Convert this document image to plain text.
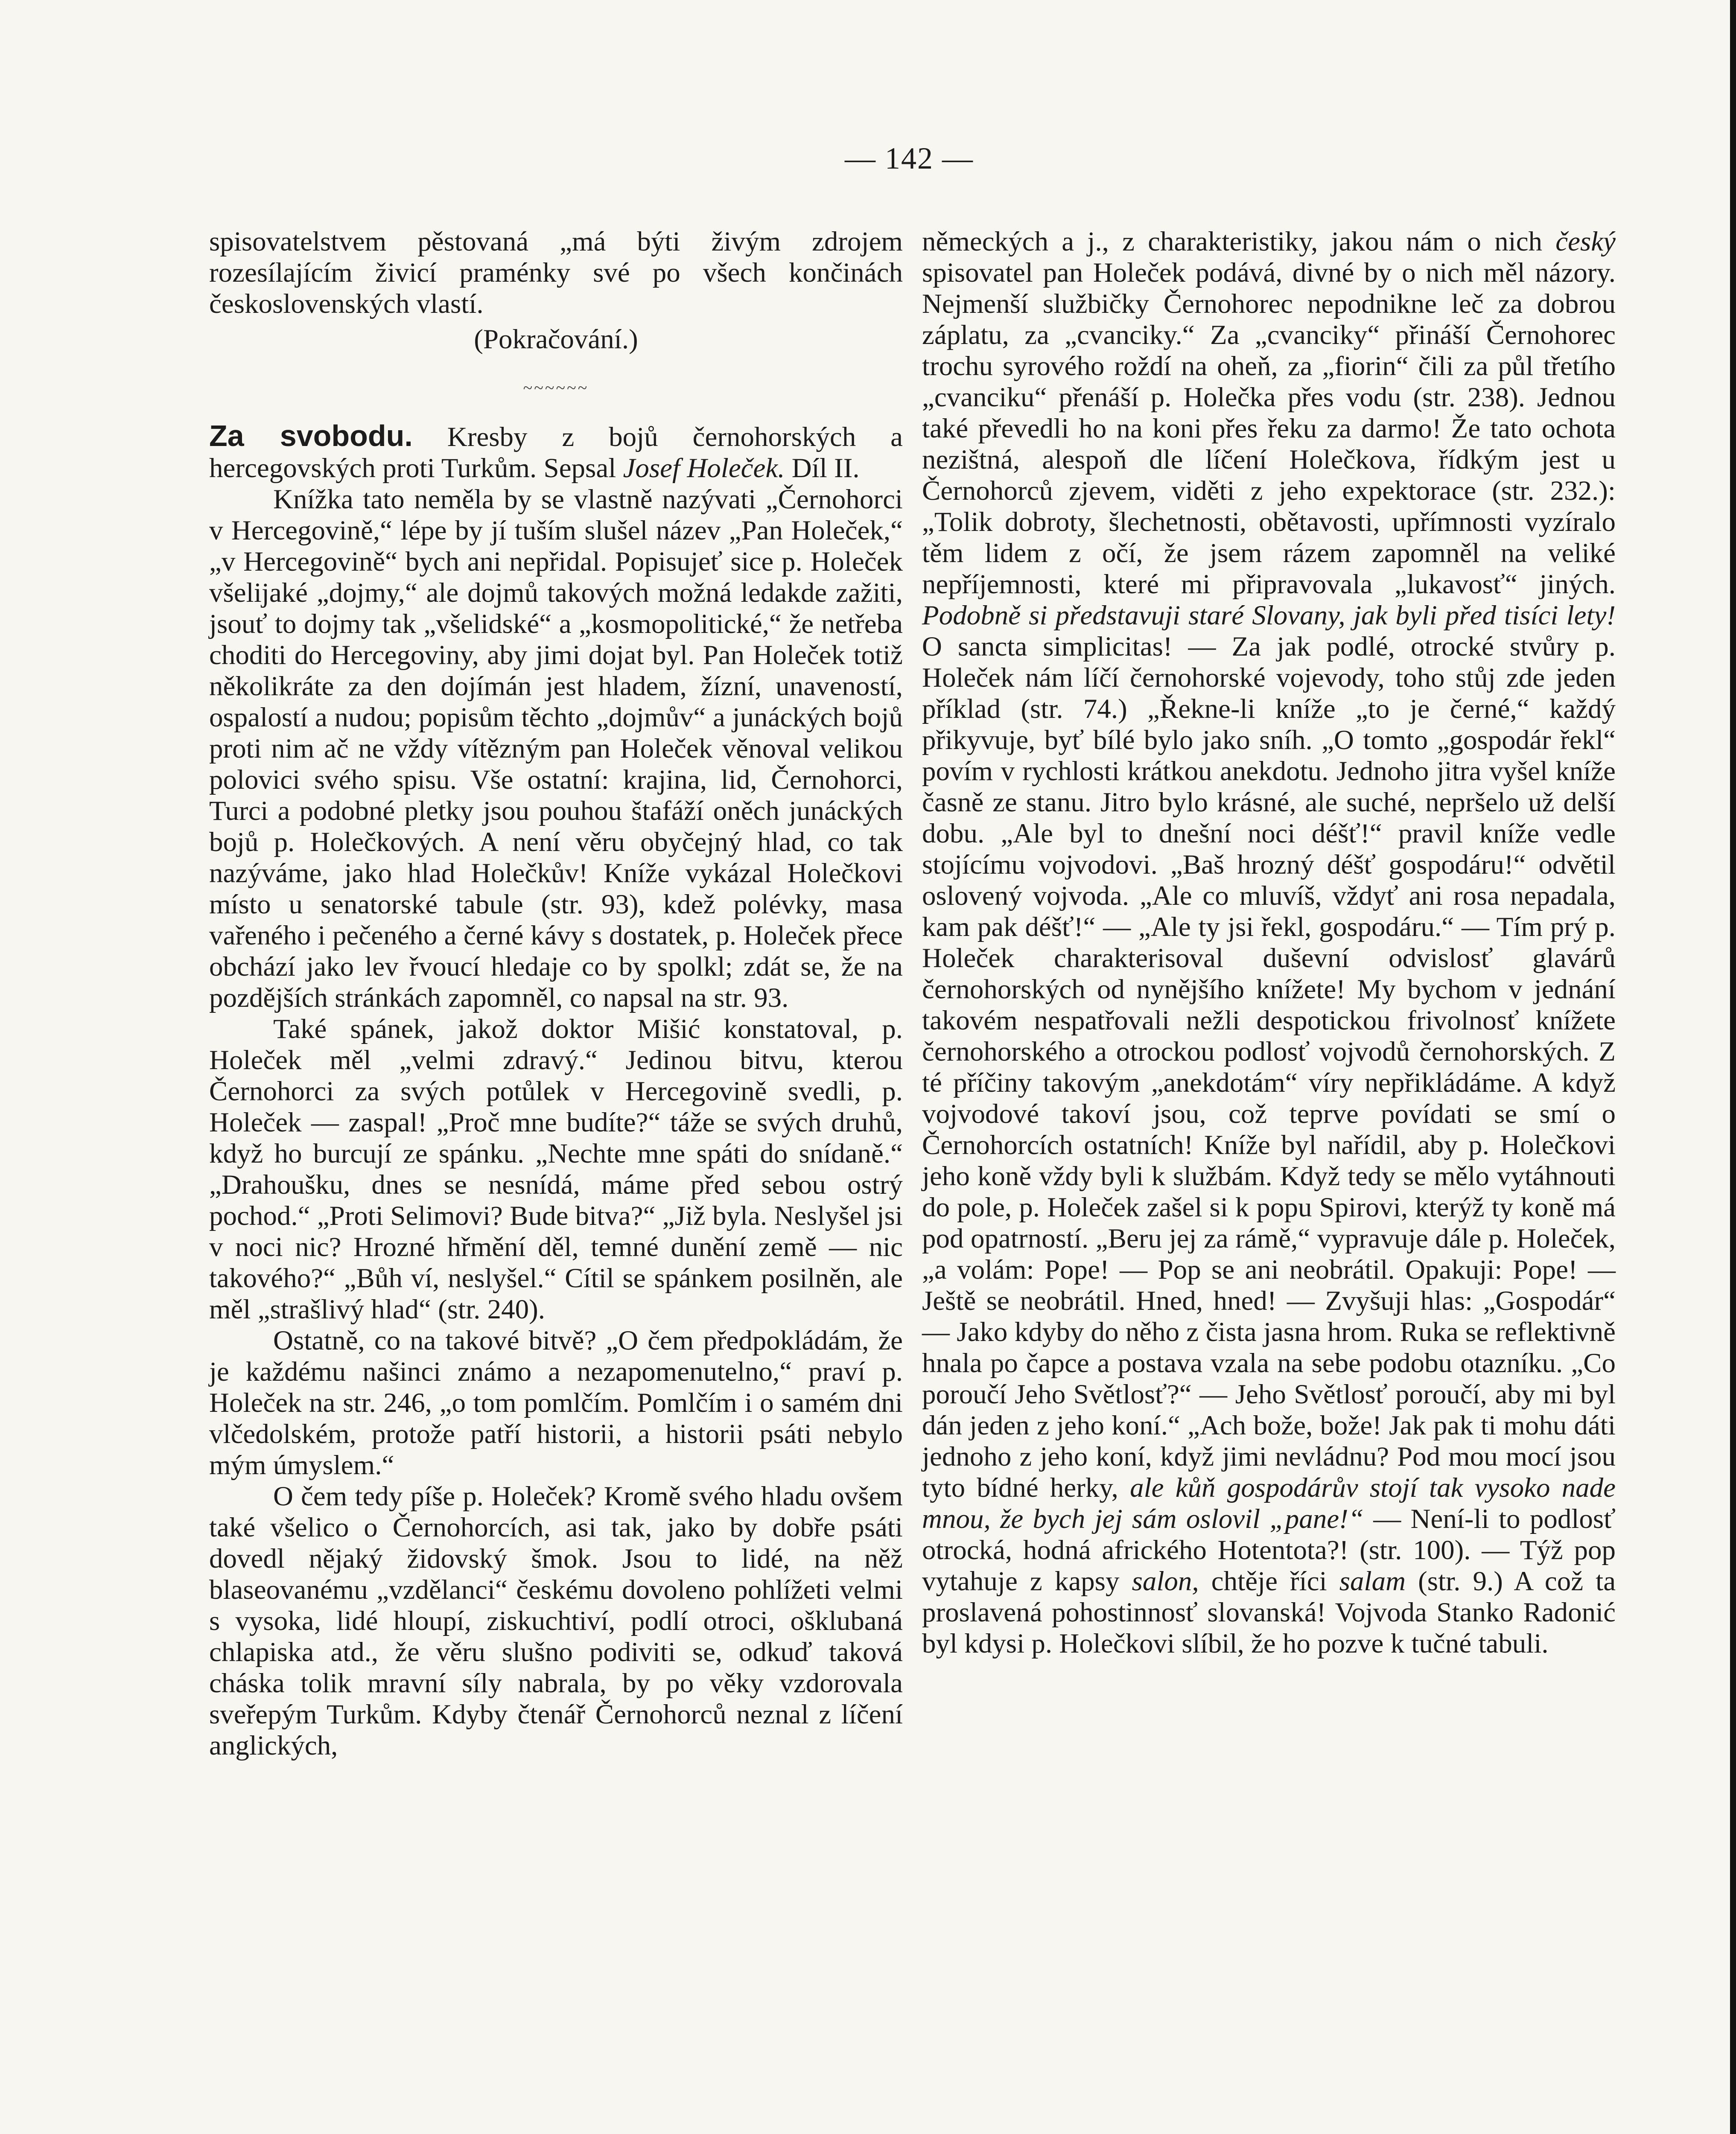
— 142 —

spisovatelstvem pěstovaná „má býti živým zdrojem rozesílajícím živicí praménky své po všech končinách československých vlastí.

(Pokračování.)

~~~~~~

Za svobodu. Kresby z bojů černohorských a hercegovských proti Turkům. Sepsal Josef Holeček. Díl II.

Knížka tato neměla by se vlastně nazývati „Černohorci v Hercegovině,“ lépe by jí tuším slušel název „Pan Holeček,“ „v Hercegovině“ bych ani nepřidal. Popisujeť sice p. Holeček všelijaké „dojmy,“ ale dojmů takových možná ledakde zažiti, jsouť to dojmy tak „všelidské“ a „kosmopolitické,“ že netřeba choditi do Hercegoviny, aby jimi dojat byl. Pan Holeček totiž několikráte za den dojímán jest hladem, žízní, unaveností, ospalostí a nudou; popisům těchto „dojmův“ a junáckých bojů proti nim ač ne vždy vítězným pan Holeček věnoval velikou polovici svého spisu. Vše ostatní: krajina, lid, Černohorci, Turci a podobné pletky jsou pouhou štafáží oněch junáckých bojů p. Holečkových. A není věru obyčejný hlad, co tak nazýváme, jako hlad Holečkův! Kníže vykázal Holečkovi místo u senatorské tabule (str. 93), kdež polévky, masa vařeného i pečeného a černé kávy s dostatek, p. Holeček přece obchází jako lev řvoucí hledaje co by spolkl; zdát se, že na pozdějších stránkách zapomněl, co napsal na str. 93.

Také spánek, jakož doktor Mišić konstatoval, p. Holeček měl „velmi zdravý.“ Jedinou bitvu, kterou Černohorci za svých potůlek v Hercegovině svedli, p. Holeček — zaspal! „Proč mne budíte?“ táže se svých druhů, když ho burcují ze spánku. „Nechte mne spáti do snídaně.“ „Drahoušku, dnes se nesnídá, máme před sebou ostrý pochod.“ „Proti Selimovi? Bude bitva?“ „Již byla. Neslyšel jsi v noci nic? Hrozné hřmění děl, temné dunění země — nic takového?“ „Bůh ví, neslyšel.“ Cítil se spánkem posilněn, ale měl „strašlivý hlad“ (str. 240).

Ostatně, co na takové bitvě? „O čem předpokládám, že je každému našinci známo a nezapomenutelno,“ praví p. Holeček na str. 246, „o tom pomlčím. Pomlčím i o samém dni vlčedolském, protože patří historii, a historii psáti nebylo mým úmyslem.“

O čem tedy píše p. Holeček? Kromě svého hladu ovšem také všelico o Černohorcích, asi tak, jako by dobře psáti dovedl nějaký židovský šmok. Jsou to lidé, na něž blaseovanému „vzdělanci“ českému dovoleno pohlížeti velmi s vysoka, lidé hloupí, ziskuchtiví, podlí otroci, ošklubaná chlapiska atd., že věru slušno podiviti se, odkuď taková cháska tolik mravní síly nabrala, by po věky vzdorovala sveřepým Turkům. Kdyby čtenář Černohorců neznal z líčení anglických,

německých a j., z charakteristiky, jakou nám o nich český spisovatel pan Holeček podává, divné by o nich měl názory. Nejmenší službičky Černohorec nepodnikne leč za dobrou záplatu, za „cvanciky.“ Za „cvanciky“ přináší Černohorec trochu syrového roždí na oheň, za „fiorin“ čili za půl třetího „cvanciku“ přenáší p. Holečka přes vodu (str. 238). Jednou také převedli ho na koni přes řeku za darmo! Že tato ochota nezištná, alespoň dle líčení Holečkova, řídkým jest u Černohorců zjevem, viděti z jeho expektorace (str. 232.): „Tolik dobroty, šlechetnosti, obětavosti, upřímnosti vyzíralo těm lidem z očí, že jsem rázem zapomněl na veliké nepříjemnosti, které mi připravovala „lukavosť“ jiných. Podobně si představuji staré Slovany, jak byli před tisíci lety! O sancta simplicitas! — Za jak podlé, otrocké stvůry p. Holeček nám líčí černohorské vojevody, toho stůj zde jeden příklad (str. 74.) „Řekne-li kníže „to je černé,“ každý přikyvuje, byť bílé bylo jako sníh. „O tomto „gospodár řekl“ povím v rychlosti krátkou anekdotu. Jednoho jitra vyšel kníže časně ze stanu. Jitro bylo krásné, ale suché, nepršelo už delší dobu. „Ale byl to dnešní noci déšť!“ pravil kníže vedle stojícímu vojvodovi. „Baš hrozný déšť gospodáru!“ odvětil oslovený vojvoda. „Ale co mluvíš, vždyť ani rosa nepadala, kam pak déšť!“ — „Ale ty jsi řekl, gospodáru.“ — Tím prý p. Holeček charakterisoval duševní odvislosť glavárů černohorských od nynějšího knížete! My bychom v jednání takovém nespatřovali nežli despotickou frivolnosť knížete černohorského a otrockou podlosť vojvodů černohorských. Z té příčiny takovým „anekdotám“ víry nepřikládáme. A když vojvodové takoví jsou, což teprve povídati se smí o Černohorcích ostatních! Kníže byl nařídil, aby p. Holečkovi jeho koně vždy byli k službám. Když tedy se mělo vytáhnouti do pole, p. Holeček zašel si k popu Spirovi, kterýž ty koně má pod opatrností. „Beru jej za rámě,“ vypravuje dále p. Holeček, „a volám: Pope! — Pop se ani neobrátil. Opakuji: Pope! — Ještě se neobrátil. Hned, hned! — Zvyšuji hlas: „Gospodár“ — Jako kdyby do něho z čista jasna hrom. Ruka se reflektivně hnala po čapce a postava vzala na sebe podobu otazníku. „Co poroučí Jeho Světlosť?“ — Jeho Světlosť poroučí, aby mi byl dán jeden z jeho koní.“ „Ach bože, bože! Jak pak ti mohu dáti jednoho z jeho koní, když jimi nevládnu? Pod mou mocí jsou tyto bídné herky, ale kůň gospodárův stojí tak vysoko nade mnou, že bych jej sám oslovil „pane!“ — Není-li to podlosť otrocká, hodná afrického Hotentota?! (str. 100). — Týž pop vytahuje z kapsy salon, chtěje říci salam (str. 9.) A což ta proslavená pohostinnosť slovanská! Vojvoda Stanko Radonić byl kdysi p. Holečkovi slíbil, že ho pozve k tučné tabuli.
